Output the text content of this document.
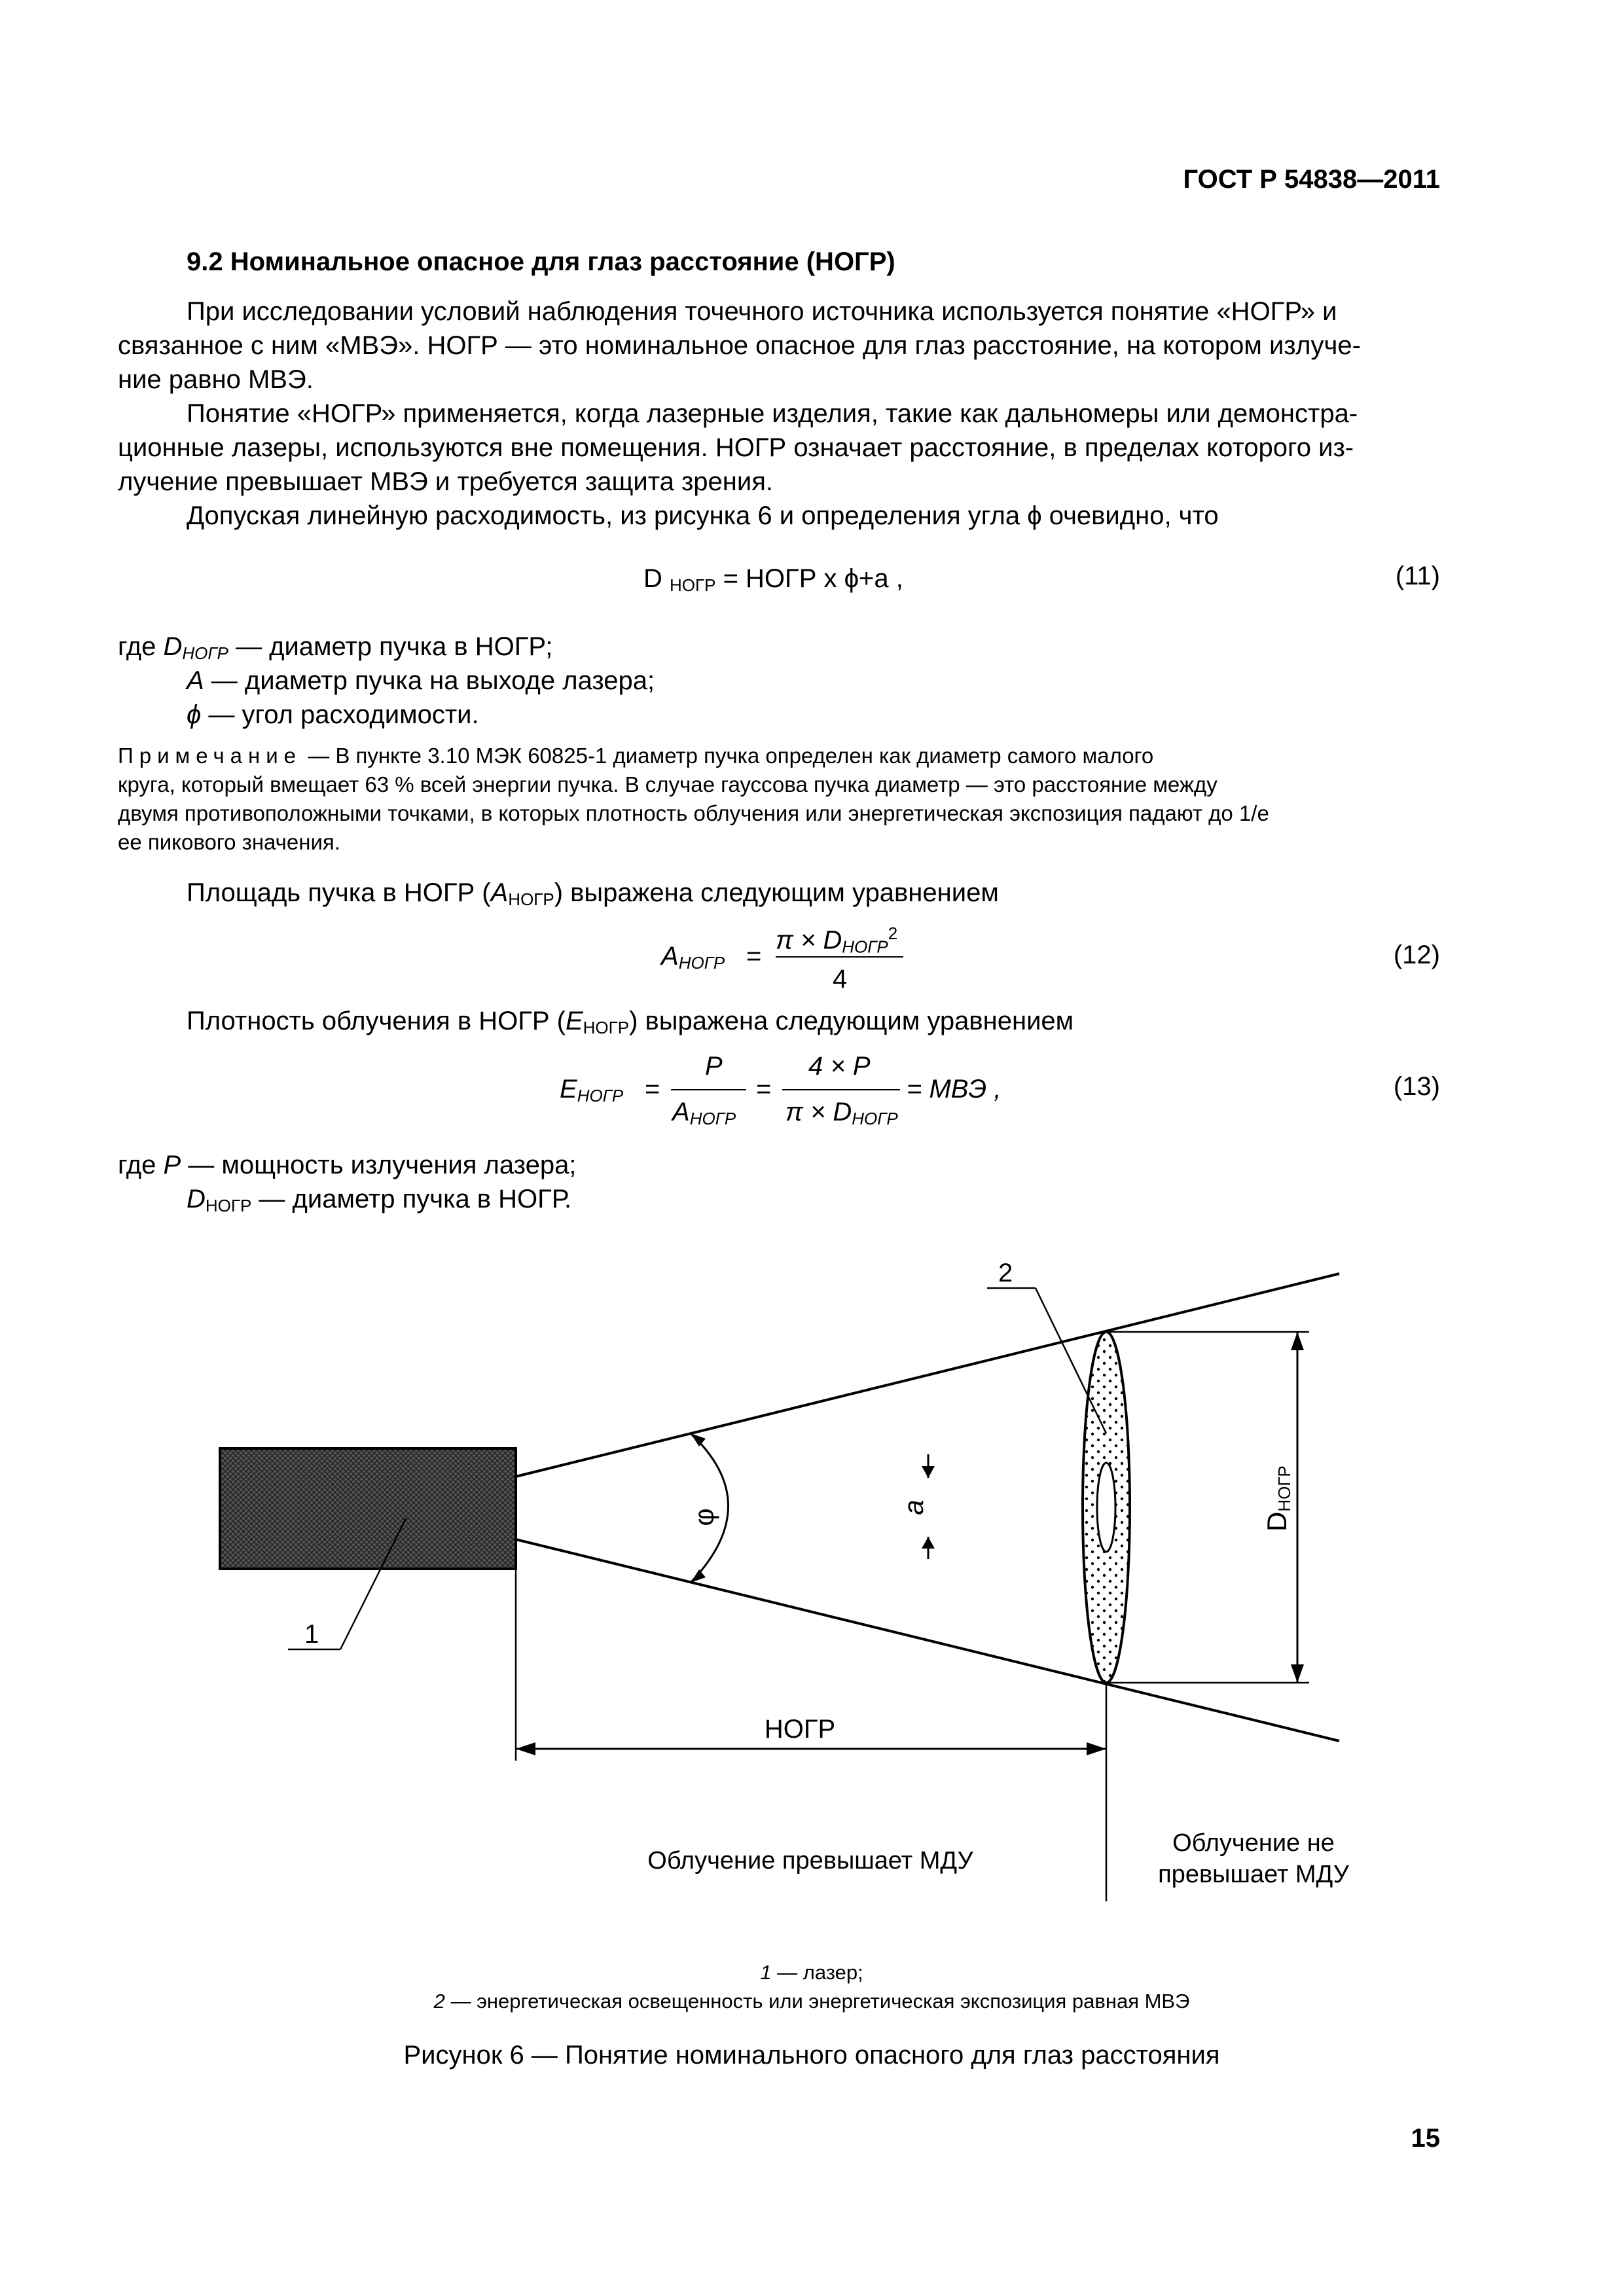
ГОСТ Р 54838—2011
9.2 Номинальное опасное для глаз расстояние (НОГР)
При исследовании условий наблюдения точечного источника используется понятие «НОГР» и
связанное с ним «МВЭ». НОГР — это номинальное опасное для глаз расстояние, на котором излуче-
ние равно МВЭ.
Понятие «НОГР» применяется, когда лазерные изделия, такие как дальномеры или демонстра-
ционные лазеры, используются вне помещения. НОГР означает расстояние, в пределах которого из-
лучение превышает МВЭ и требуется защита зрения.
Допуская линейную расходимость, из рисунка 6 и определения угла ϕ очевидно, что
D $_{НОГР}$ = НОГР x ϕ+a ,	(11)
где $D_{НОГР}$ — диаметр пучка в НОГР;
A — диаметр пучка на выходе лазера;
ϕ — угол расходимости.
Примечание — В пункте 3.10 МЭК 60825-1 диаметр пучка определен как диаметр самого малого
круга, который вмещает 63 % всей энергии пучка. В случае гауссова пучка диаметр — это расстояние между
двумя противоположными точками, в которых плотность облучения или энергетическая экспозиция падают до 1/e
ее пикового значения.
Площадь пучка в НОГР $(A_{НОГР})$ выражена следующим уравнением
$A_{НОГР}$ =
$\pi \times D_{НОГР}^2$
4
(12)
Плотность облучения в НОГР $(E_{НОГР})$ выражена следующим уравнением
$E_{НОГР}$ =
P
$A_{НОГР}$
=
4 × P
$\pi \times D_{НОГР}$
= МВЭ ,	(13)
где P — мощность излучения лазера;
$D_{НОГР}$ — диаметр пучка в НОГР.
φ
a
DНОГР
2
1
НОГР
Облучение превышает МДУ
Облучение не
превышает МДУ
1 — лазер;
2 — энергетическая освещенность или энергетическая экспозиция равная МВЭ
Рисунок 6 — Понятие номинального опасного для глаз расстояния
15
